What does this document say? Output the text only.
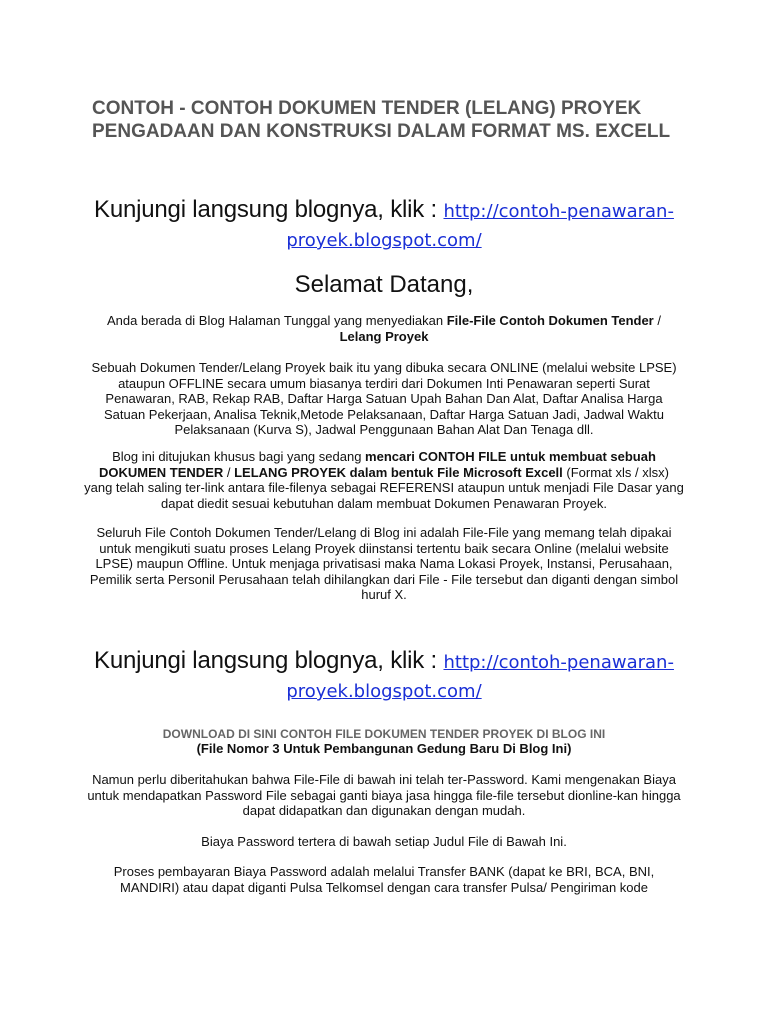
CONTOH - CONTOH DOKUMEN TENDER (LELANG) PROYEK PENGADAAN DAN KONSTRUKSI DALAM FORMAT MS. EXCELL
Kunjungi langsung blognya, klik : http://contoh-penawaran-
proyek.blogspot.com/
Selamat Datang,

Anda berada di Blog Halaman Tunggal yang menyediakan File-File Contoh Dokumen Tender /
Lelang Proyek

Sebuah Dokumen Tender/Lelang Proyek baik itu yang dibuka secara ONLINE (melalui website LPSE) ataupun OFFLINE secara umum biasanya terdiri dari Dokumen Inti Penawaran seperti Surat Penawaran, RAB, Rekap RAB, Daftar Harga Satuan Upah Bahan Dan Alat, Daftar Analisa Harga Satuan Pekerjaan, Analisa Teknik,Metode Pelaksanaan, Daftar Harga Satuan Jadi, Jadwal Waktu Pelaksanaan (Kurva S), Jadwal Penggunaan Bahan Alat Dan Tenaga dll.

Blog ini ditujukan khusus bagi yang sedang mencari CONTOH FILE untuk membuat sebuah DOKUMEN TENDER / LELANG PROYEK dalam bentuk File Microsoft Excell (Format xls / xlsx) yang telah saling ter-link antara file-filenya sebagai REFERENSI ataupun untuk menjadi File Dasar yang dapat diedit sesuai kebutuhan dalam membuat Dokumen Penawaran Proyek.

Seluruh File Contoh Dokumen Tender/Lelang di Blog ini adalah File-File yang memang telah dipakai untuk mengikuti suatu proses Lelang Proyek diinstansi tertentu baik secara Online (melalui website LPSE) maupun Offline. Untuk menjaga privatisasi maka Nama Lokasi Proyek, Instansi, Perusahaan, Pemilik serta Personil Perusahaan telah dihilangkan dari File - File tersebut dan diganti dengan simbol huruf X.

Kunjungi langsung blognya, klik : http://contoh-penawaran-
proyek.blogspot.com/

DOWNLOAD DI SINI CONTOH FILE DOKUMEN TENDER PROYEK DI BLOG INI

(File Nomor 3 Untuk Pembangunan Gedung Baru Di Blog Ini)

Namun perlu diberitahukan bahwa File-File di bawah ini telah ter-Password. Kami mengenakan Biaya untuk mendapatkan Password File sebagai ganti biaya jasa hingga file-file tersebut dionline-kan hingga dapat didapatkan dan digunakan dengan mudah.

Biaya Password tertera di bawah setiap Judul File di Bawah Ini.

Proses pembayaran Biaya Password adalah melalui Transfer BANK (dapat ke BRI, BCA, BNI, MANDIRI) atau dapat diganti Pulsa Telkomsel dengan cara transfer Pulsa/ Pengiriman kode
